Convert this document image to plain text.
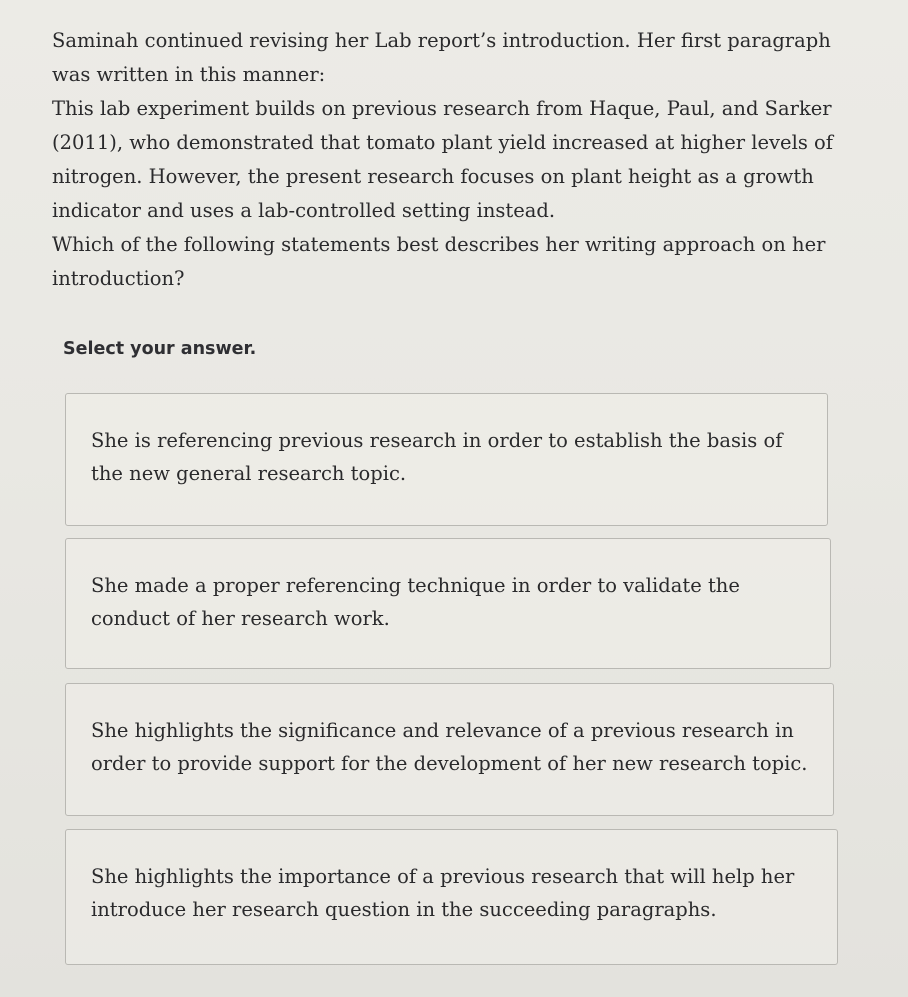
Saminah continued revising her Lab report’s introduction. Her first paragraph was written in this manner:

This lab experiment builds on previous research from Haque, Paul, and Sarker (2011), who demonstrated that tomato plant yield increased at higher levels of nitrogen. However, the present research focuses on plant height as a growth indicator and uses a lab-controlled setting instead.

Which of the following statements best describes her writing approach on her introduction?

Select your answer.
She is referencing previous research in order to establish the basis of the new general research topic.
She made a proper referencing technique in order to validate the conduct of her research work.
She highlights the significance and relevance of a previous research in order to provide support for the development of her new research topic.
She highlights the importance of a previous research that will help her introduce her research question in the succeeding paragraphs.
